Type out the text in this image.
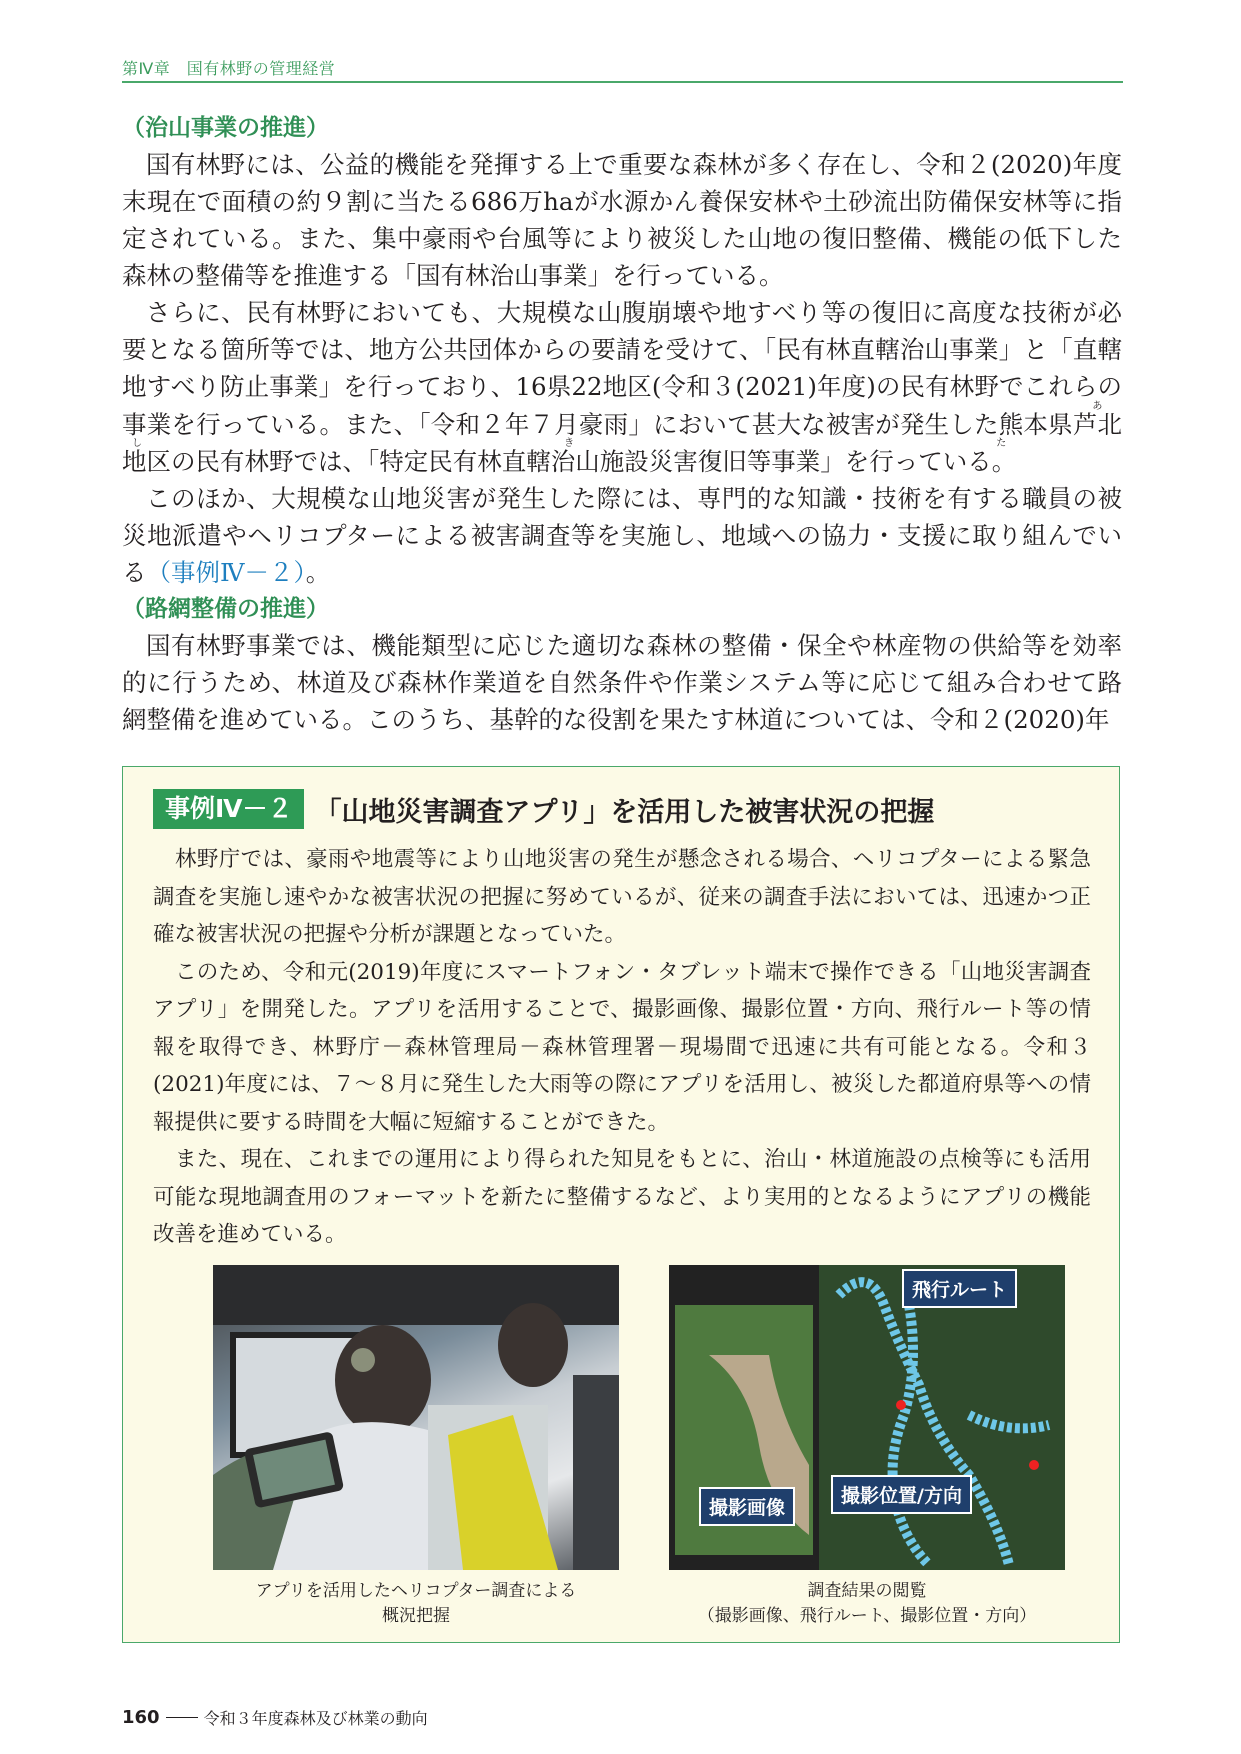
第Ⅳ章　国有林野の管理経営
（治山事業の推進）

国有林野には、公益的機能を発揮する上で重要な森林が多く存在し、令和２(2020)年度末現在で面積の約９割に当たる686万haが水源かん養保安林や土砂流出防備保安林等に指定されている。また、集中豪雨や台風等により被災した山地の復旧整備、機能の低下した森林の整備等を推進する「国有林治山事業」を行っている。

さらに、民有林野においても、大規模な山腹崩壊や地すべり等の復旧に高度な技術が必要となる箇所等では、地方公共団体からの要請を受けて、「民有林直轄治山事業」と「直轄地すべり防止事業」を行っており、16県22地区(令和３(2021)年度)の民有林野でこれらの事業を行っている。また、「令和２年７月豪雨」において甚大な被害が発生した熊本県芦北地区の民有林野では、「特定民有林直轄治山施設災害復旧等事業」を行っている。あしきた

このほか、大規模な山地災害が発生した際には、専門的な知識・技術を有する職員の被災地派遣やヘリコプターによる被害調査等を実施し、地域への協力・支援に取り組んでいる（事例Ⅳ－２）。

（路網整備の推進）

国有林野事業では、機能類型に応じた適切な森林の整備・保全や林産物の供給等を効率的に行うため、林道及び森林作業道を自然条件や作業システム等に応じて組み合わせて路網整備を進めている。このうち、基幹的な役割を果たす林道については、令和２(2020)年

事例Ⅳ－２ 「山地災害調査アプリ」を活用した被害状況の把握

林野庁では、豪雨や地震等により山地災害の発生が懸念される場合、ヘリコプターによる緊急調査を実施し速やかな被害状況の把握に努めているが、従来の調査手法においては、迅速かつ正確な被害状況の把握や分析が課題となっていた。

このため、令和元(2019)年度にスマートフォン・タブレット端末で操作できる「山地災害調査アプリ」を開発した。アプリを活用することで、撮影画像、撮影位置・方向、飛行ルート等の情報を取得でき、林野庁－森林管理局－森林管理署－現場間で迅速に共有可能となる。令和３(2021)年度には、７～８月に発生した大雨等の際にアプリを活用し、被災した都道府県等への情報提供に要する時間を大幅に短縮することができた。

また、現在、これまでの運用により得られた知見をもとに、治山・林道施設の点検等にも活用可能な現地調査用のフォーマットを新たに整備するなど、より実用的となるようにアプリの機能改善を進めている。

飛行ルート
撮影画像
撮影位置/方向
アプリを活用したヘリコプター調査による
概況把握
調査結果の閲覧
（撮影画像、飛行ルート、撮影位置・方向）
160	令和３年度森林及び林業の動向
